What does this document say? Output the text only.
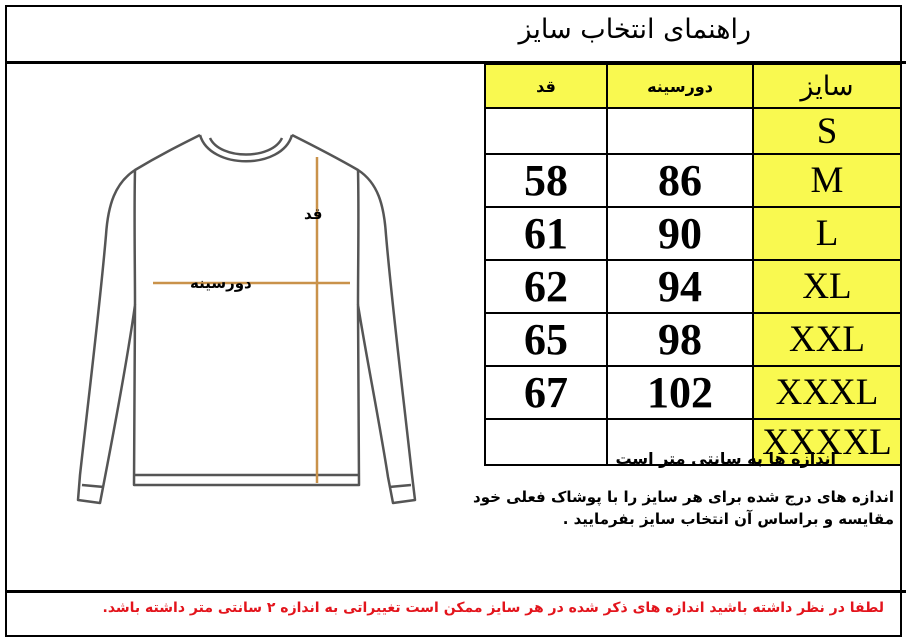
راهنمای انتخاب سایز
قد
دورسینه
قد	دورسینه	سایز
		S
58	86	M
61	90	L
62	94	XL
65	98	XXL
67	102	XXXL
		XXXXL
اندازه ها به سانتی متر است
اندازه های درج شده برای هر سایز را با پوشاک فعلی خود مقایسه و براساس آن انتخاب سایز بفرمایید .
لطفا در نظر داشته باشید اندازه های ذکر شده در هر سایز ممکن است تغییراتی به اندازه ۲ سانتی متر داشته باشد.
